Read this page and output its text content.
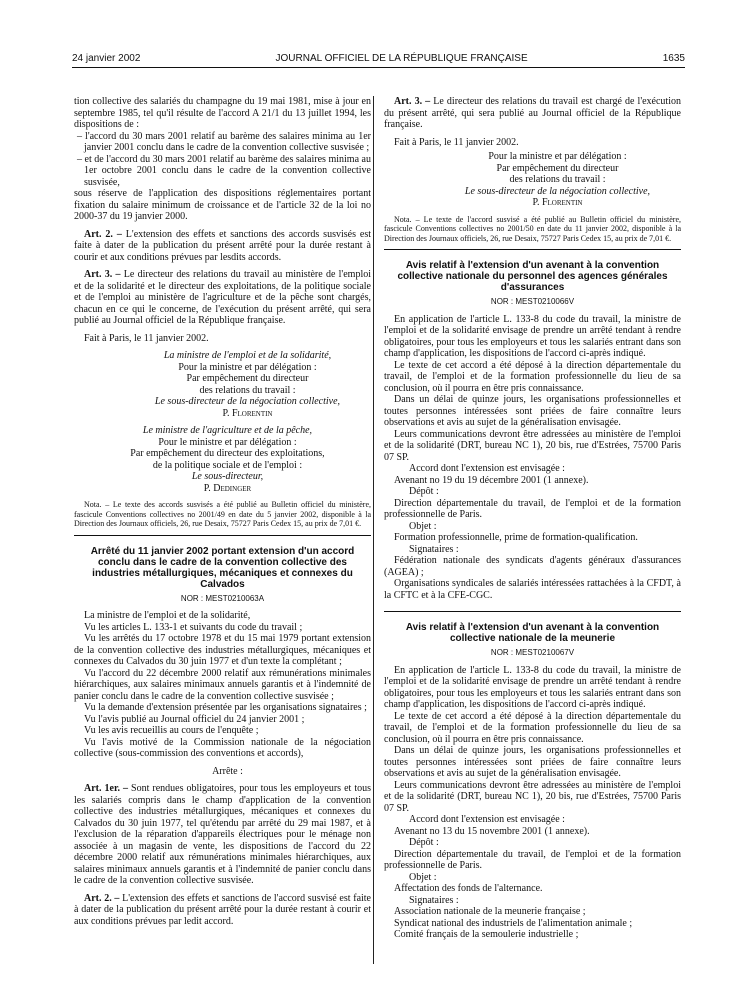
24 janvier 2002	JOURNAL OFFICIEL DE LA RÉPUBLIQUE FRANÇAISE	1635

tion collective des salariés du champagne du 19 mai 1981, mise à jour en septembre 1985, tel qu'il résulte de l'accord A 21/1 du 13 juillet 1994, les dispositions de :

– l'accord du 30 mars 2001 relatif au barème des salaires minima au 1er janvier 2001 conclu dans le cadre de la convention collective susvisée ;

– et de l'accord du 30 mars 2001 relatif au barème des salaires minima au 1er octobre 2001 conclu dans le cadre de la convention collective susvisée,

sous réserve de l'application des dispositions réglementaires portant fixation du salaire minimum de croissance et de l'article 32 de la loi no 2000-37 du 19 janvier 2000.

Art. 2. – L'extension des effets et sanctions des accords susvisés est faite à dater de la publication du présent arrêté pour la durée restant à courir et aux conditions prévues par lesdits accords.

Art. 3. – Le directeur des relations du travail au ministère de l'emploi et de la solidarité et le directeur des exploitations, de la politique sociale et de l'emploi au ministère de l'agriculture et de la pêche sont chargés, chacun en ce qui le concerne, de l'exécution du présent arrêté, qui sera publié au Journal officiel de la République française.

Fait à Paris, le 11 janvier 2002.

La ministre de l'emploi et de la solidarité,

Pour la ministre et par délégation :

Par empêchement du directeur

des relations du travail :

Le sous-directeur de la négociation collective,

P. Florentin

Le ministre de l'agriculture et de la pêche,

Pour le ministre et par délégation :

Par empêchement du directeur des exploitations,

de la politique sociale et de l'emploi :

Le sous-directeur,

P. Dedinger

Nota. – Le texte des accords susvisés a été publié au Bulletin officiel du ministère, fascicule Conventions collectives no 2001/49 en date du 5 janvier 2002, disponible à la Direction des Journaux officiels, 26, rue Desaix, 75727 Paris Cedex 15, au prix de 7,01 €.

Arrêté du 11 janvier 2002 portant extension d'un accord conclu dans le cadre de la convention collective des industries métallurgiques, mécaniques et connexes du Calvados
NOR : MEST0210063A

La ministre de l'emploi et de la solidarité,

Vu les articles L. 133-1 et suivants du code du travail ;

Vu les arrêtés du 17 octobre 1978 et du 15 mai 1979 portant extension de la convention collective des industries métallurgiques, mécaniques et connexes du Calvados du 30 juin 1977 et d'un texte la complétant ;

Vu l'accord du 22 décembre 2000 relatif aux rémunérations minimales hiérarchiques, aux salaires minimaux annuels garantis et à l'indemnité de panier conclu dans le cadre de la convention collective susvisée ;

Vu la demande d'extension présentée par les organisations signataires ;

Vu l'avis publié au Journal officiel du 24 janvier 2001 ;

Vu les avis recueillis au cours de l'enquête ;

Vu l'avis motivé de la Commission nationale de la négociation collective (sous-commission des conventions et accords),

Arrête :

Art. 1er. – Sont rendues obligatoires, pour tous les employeurs et tous les salariés compris dans le champ d'application de la convention collective des industries métallurgiques, mécaniques et connexes du Calvados du 30 juin 1977, tel qu'étendu par arrêté du 29 mai 1987, et à l'exclusion de la réparation d'appareils électriques pour le ménage non associée à un magasin de vente, les dispositions de l'accord du 22 décembre 2000 relatif aux rémunérations minimales hiérarchiques, aux salaires minimaux annuels garantis et à l'indemnité de panier conclu dans le cadre de la convention collective susvisée.

Art. 2. – L'extension des effets et sanctions de l'accord susvisé est faite à dater de la publication du présent arrêté pour la durée restant à courir et aux conditions prévues par ledit accord.

Art. 3. – Le directeur des relations du travail est chargé de l'exécution du présent arrêté, qui sera publié au Journal officiel de la République française.

Fait à Paris, le 11 janvier 2002.

Pour la ministre et par délégation :

Par empêchement du directeur

des relations du travail :

Le sous-directeur de la négociation collective,

P. Florentin

Nota. – Le texte de l'accord susvisé a été publié au Bulletin officiel du ministère, fascicule Conventions collectives no 2001/50 en date du 11 janvier 2002, disponible à la Direction des Journaux officiels, 26, rue Desaix, 75727 Paris Cedex 15, au prix de 7,01 €.

Avis relatif à l'extension d'un avenant à la convention collective nationale du personnel des agences générales d'assurances
NOR : MEST0210066V

En application de l'article L. 133-8 du code du travail, la ministre de l'emploi et de la solidarité envisage de prendre un arrêté tendant à rendre obligatoires, pour tous les employeurs et tous les salariés entrant dans son champ d'application, les dispositions de l'accord ci-après indiqué.

Le texte de cet accord a été déposé à la direction départementale du travail, de l'emploi et de la formation professionnelle du lieu de sa conclusion, où il pourra en être pris connaissance.

Dans un délai de quinze jours, les organisations professionnelles et toutes personnes intéressées sont priées de faire connaître leurs observations et avis au sujet de la généralisation envisagée.

Leurs communications devront être adressées au ministère de l'emploi et de la solidarité (DRT, bureau NC 1), 20 bis, rue d'Estrées, 75700 Paris 07 SP.

Accord dont l'extension est envisagée :

Avenant no 19 du 19 décembre 2001 (1 annexe).

Dépôt :

Direction départementale du travail, de l'emploi et de la formation professionnelle de Paris.

Objet :

Formation professionnelle, prime de formation-qualification.

Signataires :

Fédération nationale des syndicats d'agents généraux d'assurances (AGEA) ;

Organisations syndicales de salariés intéressées rattachées à la CFDT, à la CFTC et à la CFE-CGC.

Avis relatif à l'extension d'un avenant à la convention collective nationale de la meunerie
NOR : MEST0210067V

En application de l'article L. 133-8 du code du travail, la ministre de l'emploi et de la solidarité envisage de prendre un arrêté tendant à rendre obligatoires, pour tous les employeurs et tous les salariés entrant dans son champ d'application, les dispositions de l'accord ci-après indiqué.

Le texte de cet accord a été déposé à la direction départementale du travail, de l'emploi et de la formation professionnelle du lieu de sa conclusion, où il pourra en être pris connaissance.

Dans un délai de quinze jours, les organisations professionnelles et toutes personnes intéressées sont priées de faire connaître leurs observations et avis au sujet de la généralisation envisagée.

Leurs communications devront être adressées au ministère de l'emploi et de la solidarité (DRT, bureau NC 1), 20 bis, rue d'Estrées, 75700 Paris 07 SP.

Accord dont l'extension est envisagée :

Avenant no 13 du 15 novembre 2001 (1 annexe).

Dépôt :

Direction départementale du travail, de l'emploi et de la formation professionnelle de Paris.

Objet :

Affectation des fonds de l'alternance.

Signataires :

Association nationale de la meunerie française ;

Syndicat national des industriels de l'alimentation animale ;

Comité français de la semoulerie industrielle ;
